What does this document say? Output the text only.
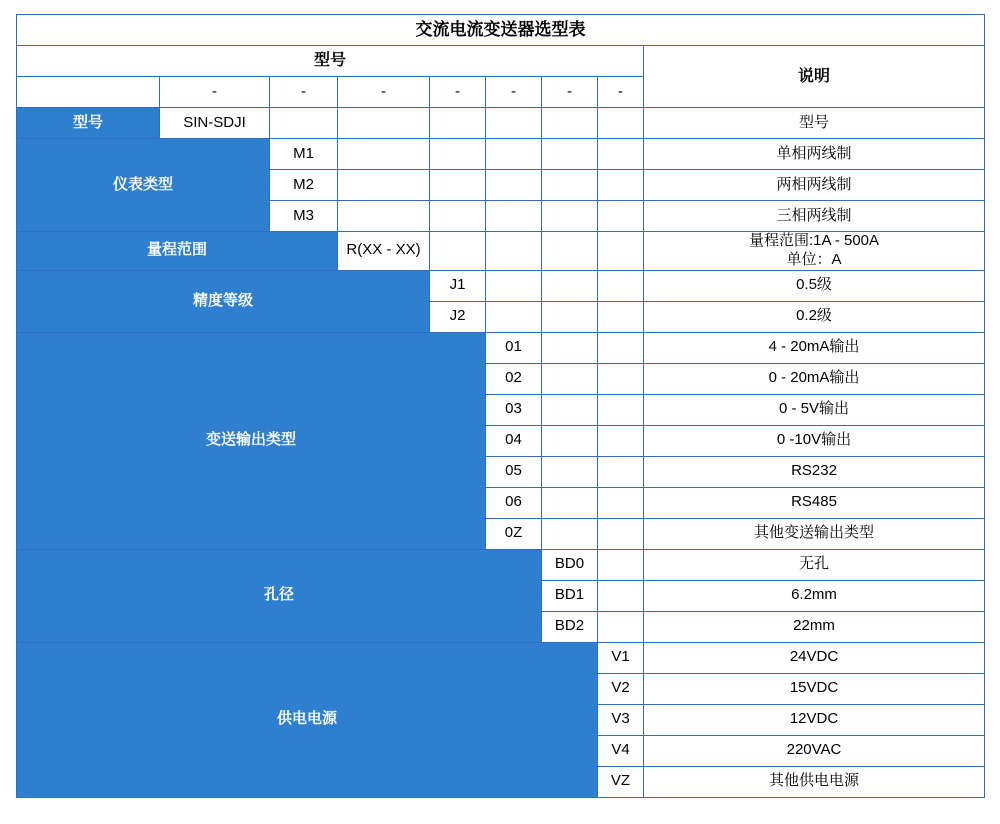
交流电流变送器选型表								
型号								说明
	-	-	-	-	-	-	-	
型号	SIN-SDJI							型号
仪表类型		M1						单相两线制
		M2						两相两线制
		M3						三相两线制
量程范围			R(XX - XX)					量程范围:1A - 500A
单位：A

精度等级				J1				0.5级
				J2				0.2级
变送输出类型					01			4 - 20mA输出
					02			0 - 20mA输出
					03			0 - 5V输出
					04			0 -10V输出
					05			RS232
					06			RS485
					0Z			其他变送输出类型
孔径						BD0		无孔
						BD1		6.2mm
						BD2		22mm
供电电源							V1	24VDC
							V2	15VDC
							V3	12VDC
							V4	220VAC
							VZ	其他供电电源
